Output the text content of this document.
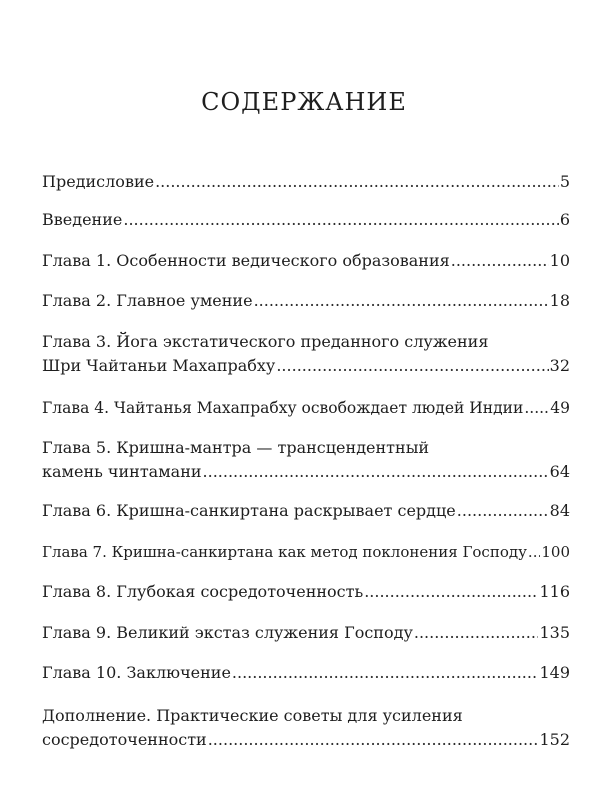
СОДЕРЖАНИЕ
Предисловие .....	5
Введение .....	6
Глава 1. Особенности ведического образования .....	10
Глава 2. Главное умение .....	18
Глава 3. Йога экстатического преданного служения
Шри Чайтаньи Махапрабху .....	32
Глава 4. Чайтанья Махапрабху освобождает людей Индии ..... 49
Глава 5. Кришна-мантра — трансцендентный
камень чинтамани .....	64
Глава 6. Кришна-санкиртана раскрывает сердце .....	84
Глава 7. Кришна-санкиртана как метод поклонения Господу ..... 100
Глава 8. Глубокая сосредоточенность .....	116
Глава 9. Великий экстаз служения Господу .....	135
Глава 10. Заключение .....	149
Дополнение. Практические советы для усиления
сосредоточенности .....	152
